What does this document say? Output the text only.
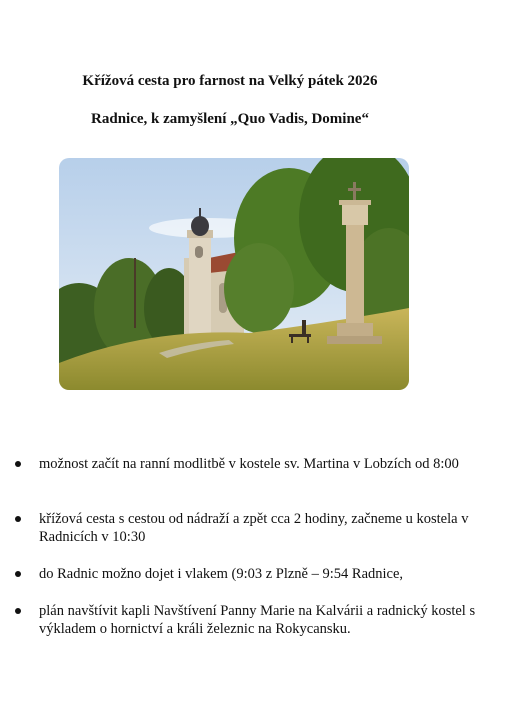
Křížová cesta pro farnost na Velký pátek 2026
Radnice, k zamyšlení „Quo Vadis, Domine“
možnost začít na ranní modlitbě v kostele sv. Martina v Lobzích od 8:00
křížová cesta s cestou od nádraží a zpět cca 2 hodiny, začneme u kostela v Radnicích v 10:30
do Radnic možno dojet i vlakem (9:03 z Plzně – 9:54 Radnice,
plán navštívit kapli Navštívení Panny Marie na Kalvárii a radnický kostel s výkladem o hornictví a králi železnic na Rokycansku.
